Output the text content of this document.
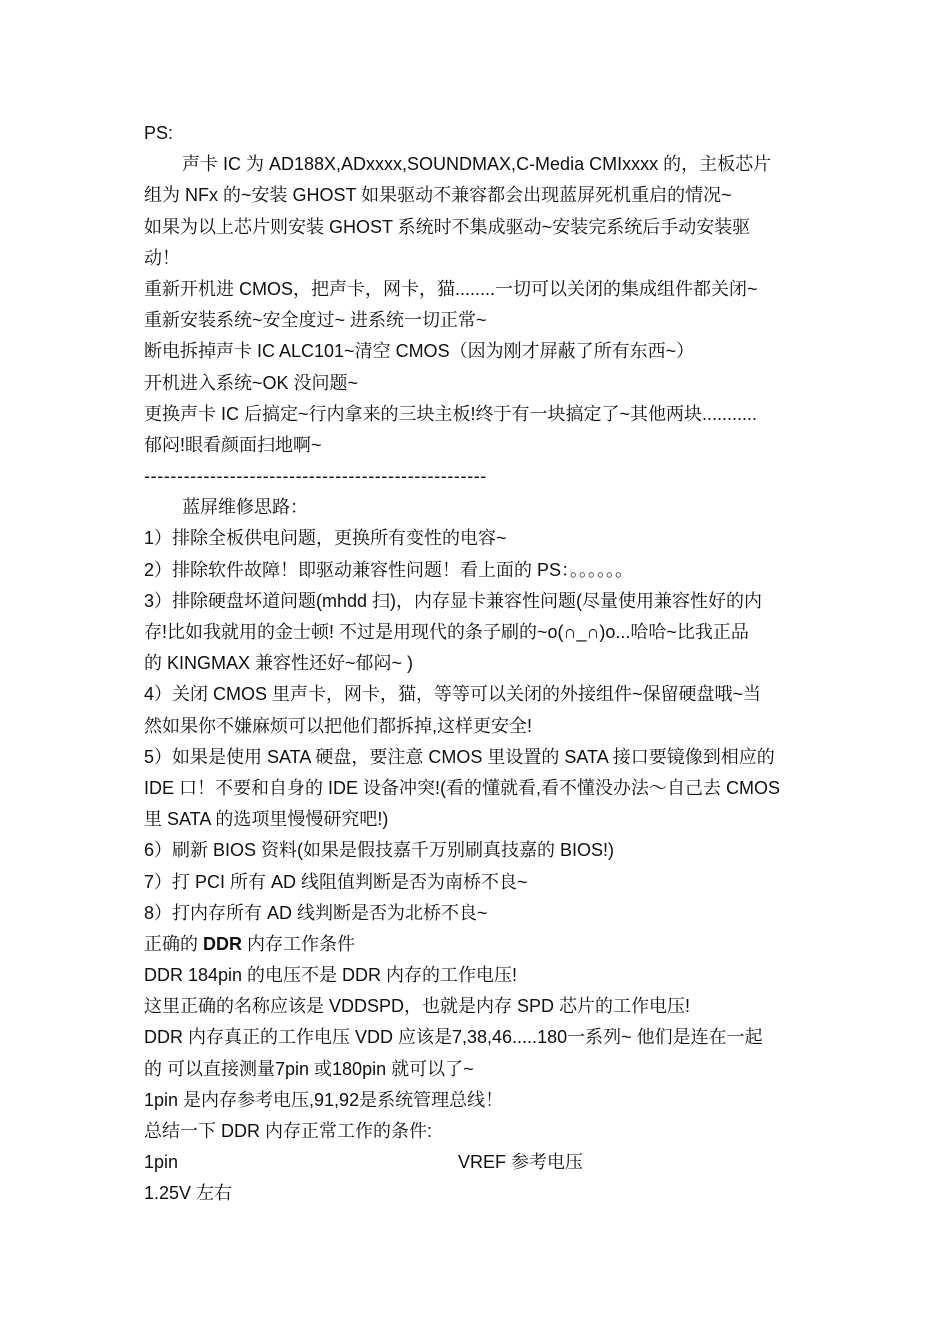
PS:
声卡 IC 为 AD188X,ADxxxx,SOUNDMAX,C-Media CMIxxxx 的，主板芯片
组为 NFx 的~安装 GHOST 如果驱动不兼容都会出现蓝屏死机重启的情况~
如果为以上芯片则安装 GHOST 系统时不集成驱动~安装完系统后手动安装驱
动！
重新开机进 CMOS，把声卡，网卡，猫........一切可以关闭的集成组件都关闭~
重新安装系统~安全度过~ 进系统一切正常~
断电拆掉声卡 IC ALC101~清空 CMOS（因为刚才屏蔽了所有东西~）
开机进入系统~OK 没问题~
更换声卡 IC 后搞定~行内拿来的三块主板!终于有一块搞定了~其他两块...........
郁闷!眼看颜面扫地啊~
----------------------------------------------------
蓝屏维修思路：
1）排除全板供电问题，更换所有变性的电容~
2）排除软件故障！即驱动兼容性问题！看上面的 PS：。。。。。。
3）排除硬盘坏道问题(mhdd 扫)，内存显卡兼容性问题(尽量使用兼容性好的内
存!比如我就用的金士顿! 不过是用现代的条子刷的~o(∩_∩)o...哈哈~比我正品
的 KINGMAX 兼容性还好~郁闷~ )
4）关闭 CMOS 里声卡，网卡，猫，等等可以关闭的外接组件~保留硬盘哦~当
然如果你不嫌麻烦可以把他们都拆掉,这样更安全!
5）如果是使用 SATA 硬盘，要注意 CMOS 里设置的 SATA 接口要镜像到相应的
IDE 口！不要和自身的 IDE 设备冲突!(看的懂就看,看不懂没办法～自己去 CMOS
里 SATA 的选项里慢慢研究吧!)
6）刷新 BIOS 资料(如果是假技嘉千万别刷真技嘉的 BIOS!)
7）打 PCI 所有 AD 线阻值判断是否为南桥不良~
8）打内存所有 AD 线判断是否为北桥不良~
正确的 DDR 内存工作条件
DDR 184pin 的电压不是 DDR 内存的工作电压!
这里正确的名称应该是 VDDSPD，也就是内存 SPD 芯片的工作电压!
DDR 内存真正的工作电压 VDD 应该是7,38,46.....180一系列~ 他们是连在一起
的 可以直接测量7pin 或180pin 就可以了~
1pin 是内存参考电压,91,92是系统管理总线！
总结一下 DDR 内存正常工作的条件:
1pin	VREF 参考电压
1.25V 左右
